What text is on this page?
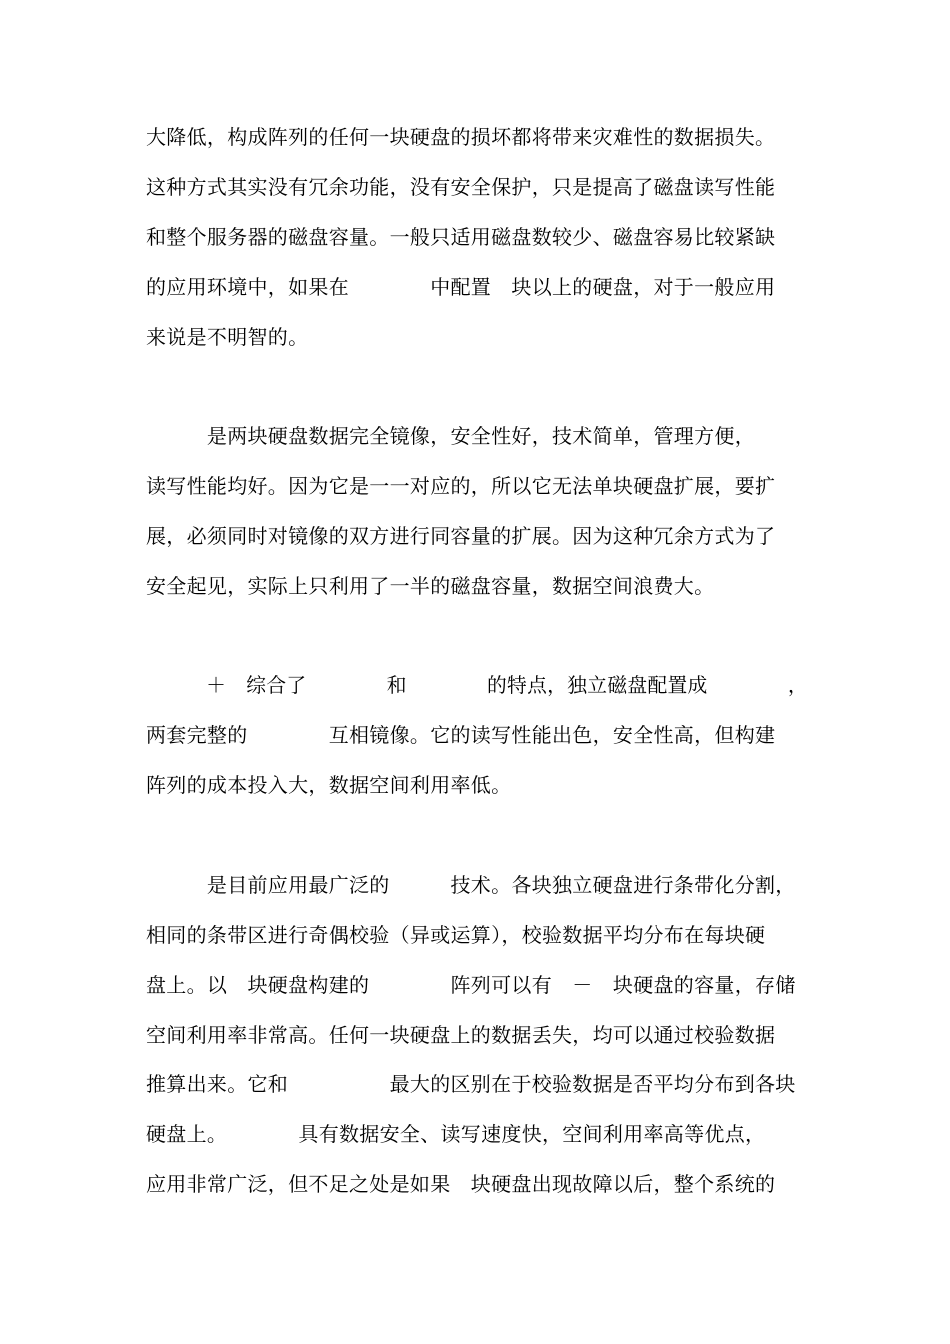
大降低，构成阵列的任何一块硬盘的损坏都将带来灾难性的数据损失。

这种方式其实没有冗余功能，没有安全保护，只是提高了磁盘读写性能

和整个服务器的磁盘容量。一般只适用磁盘数较少、磁盘容易比较紧缺

的应用环境中，如果在　　　　中配置　块以上的硬盘，对于一般应用

来说是不明智的。

　　　是两块硬盘数据完全镜像，安全性好，技术简单，管理方便，

读写性能均好。因为它是一一对应的，所以它无法单块硬盘扩展，要扩

展，必须同时对镜像的双方进行同容量的扩展。因为这种冗余方式为了

安全起见，实际上只利用了一半的磁盘容量，数据空间浪费大。

　　　＋　综合了　　　　和　　　　的特点，独立磁盘配置成　　　　，

两套完整的　　　　互相镜像。它的读写性能出色，安全性高，但构建

阵列的成本投入大，数据空间利用率低。

　　　是目前应用最广泛的　　　技术。各块独立硬盘进行条带化分割，

相同的条带区进行奇偶校验（异或运算），校验数据平均分布在每块硬

盘上。以　块硬盘构建的　　　　阵列可以有　－　块硬盘的容量，存储

空间利用率非常高。任何一块硬盘上的数据丢失，均可以通过校验数据

推算出来。它和　　　　　最大的区别在于校验数据是否平均分布到各块

硬盘上。　　　　具有数据安全、读写速度快，空间利用率高等优点，

应用非常广泛，但不足之处是如果　块硬盘出现故障以后，整个系统的
